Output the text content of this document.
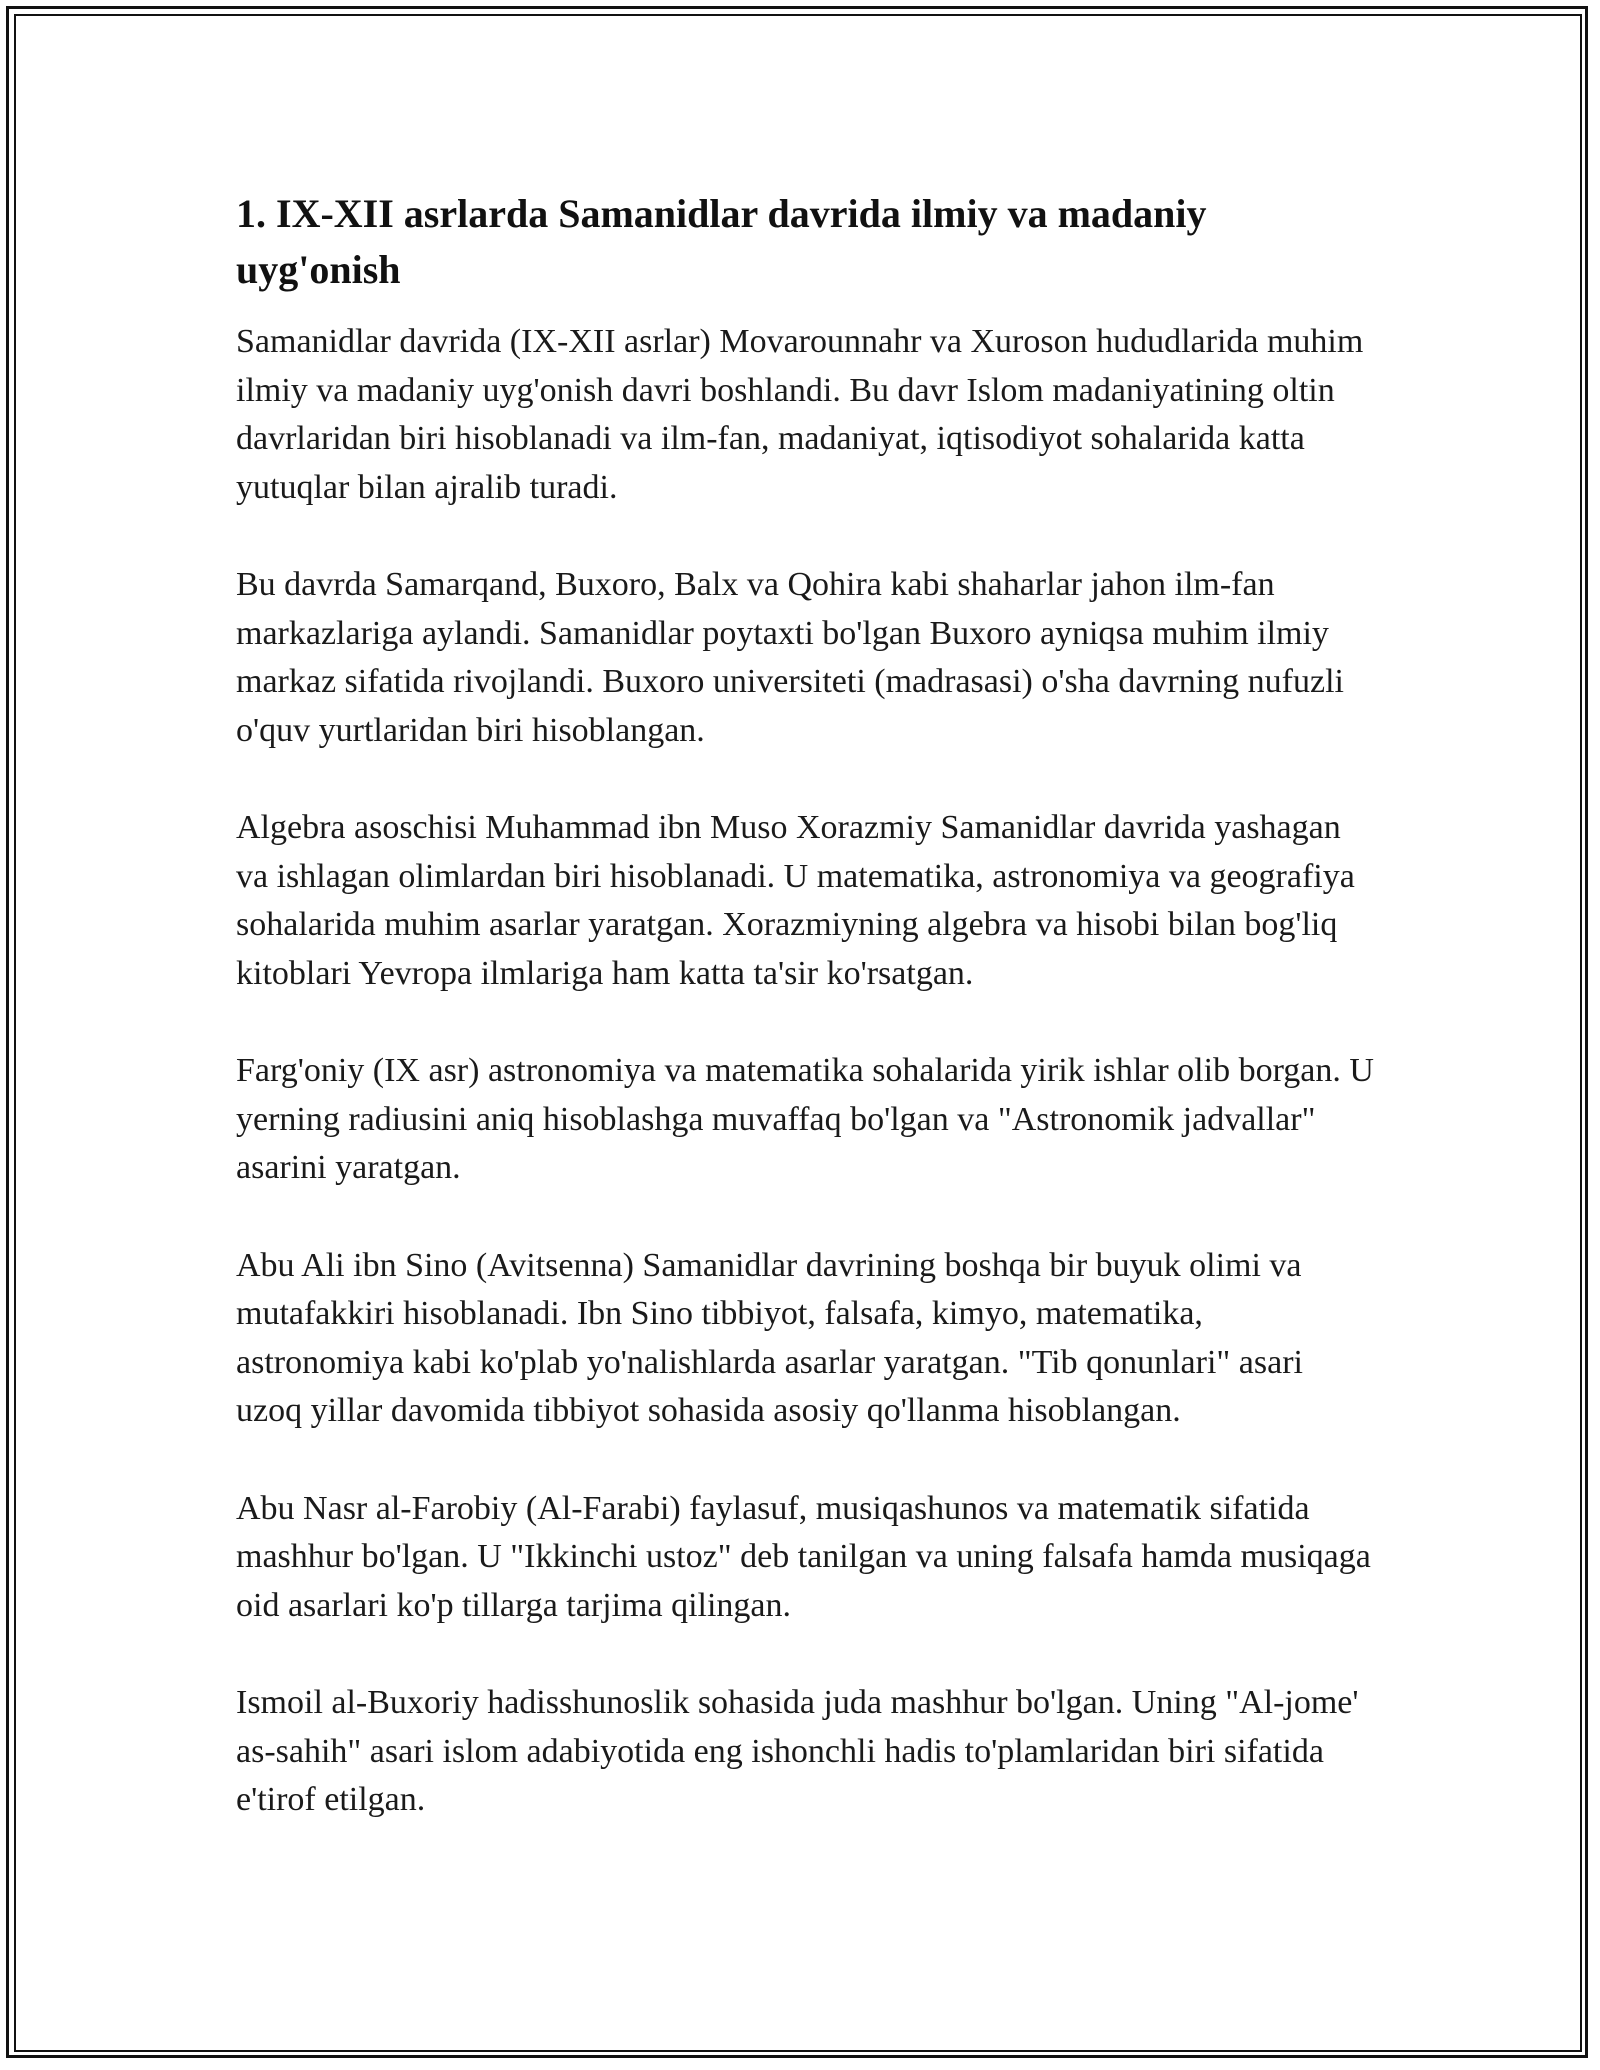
1. IX-XII asrlarda Samanidlar davrida ilmiy va madaniy uyg'onish

Samanidlar davrida (IX-XII asrlar) Movarounnahr va Xuroson hududlarida muhim ilmiy va madaniy uyg'onish davri boshlandi. Bu davr Islom madaniyatining oltin davrlaridan biri hisoblanadi va ilm-fan, madaniyat, iqtisodiyot sohalarida katta yutuqlar bilan ajralib turadi.

Bu davrda Samarqand, Buxoro, Balx va Qohira kabi shaharlar jahon ilm-fan markazlariga aylandi. Samanidlar poytaxti bo'lgan Buxoro ayniqsa muhim ilmiy markaz sifatida rivojlandi. Buxoro universiteti (madrasasi) o'sha davrning nufuzli o'quv yurtlaridan biri hisoblangan.

Algebra asoschisi Muhammad ibn Muso Xorazmiy Samanidlar davrida yashagan va ishlagan olimlardan biri hisoblanadi. U matematika, astronomiya va geografiya sohalarida muhim asarlar yaratgan. Xorazmiyning algebra va hisobi bilan bog'liq kitoblari Yevropa ilmlariga ham katta ta'sir ko'rsatgan.

Farg'oniy (IX asr) astronomiya va matematika sohalarida yirik ishlar olib borgan. U yerning radiusini aniq hisoblashga muvaffaq bo'lgan va "Astronomik jadvallar" asarini yaratgan.

Abu Ali ibn Sino (Avitsenna) Samanidlar davrining boshqa bir buyuk olimi va mutafakkiri hisoblanadi. Ibn Sino tibbiyot, falsafa, kimyo, matematika, astronomiya kabi ko'plab yo'nalishlarda asarlar yaratgan. "Tib qonunlari" asari uzoq yillar davomida tibbiyot sohasida asosiy qo'llanma hisoblangan.

Abu Nasr al-Farobiy (Al-Farabi) faylasuf, musiqashunos va matematik sifatida mashhur bo'lgan. U "Ikkinchi ustoz" deb tanilgan va uning falsafa hamda musiqaga oid asarlari ko'p tillarga tarjima qilingan.

Ismoil al-Buxoriy hadisshunoslik sohasida juda mashhur bo'lgan. Uning "Al-jome' as-sahih" asari islom adabiyotida eng ishonchli hadis to'plamlaridan biri sifatida e'tirof etilgan.
